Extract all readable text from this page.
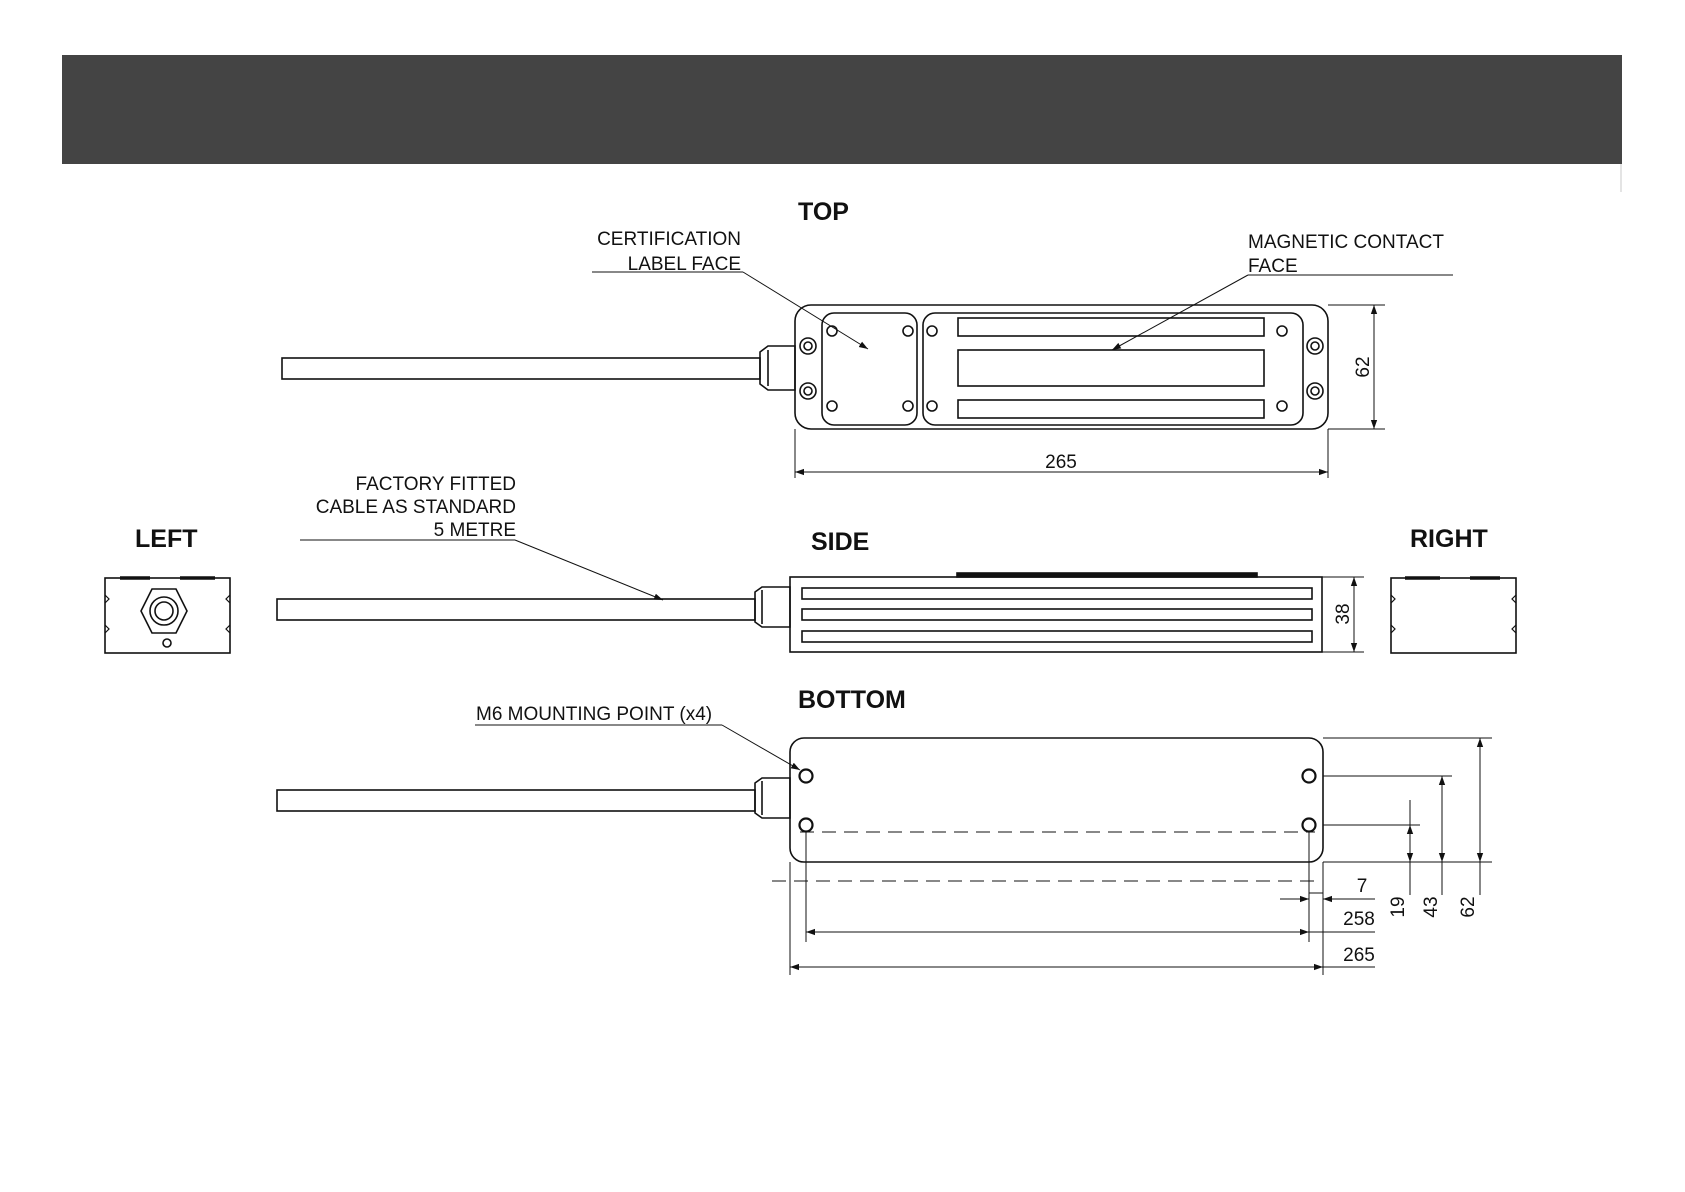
TOP
SIDE
LEFT	RIGHT
BOTTOM
CERTIFICATION
LABEL FACE
MAGNETIC CONTACT
FACE
FACTORY FITTED
CABLE AS STANDARD
5 METRE
M6 MOUNTING POINT (x4)
265
62
38
7
258
265
19 43 62
